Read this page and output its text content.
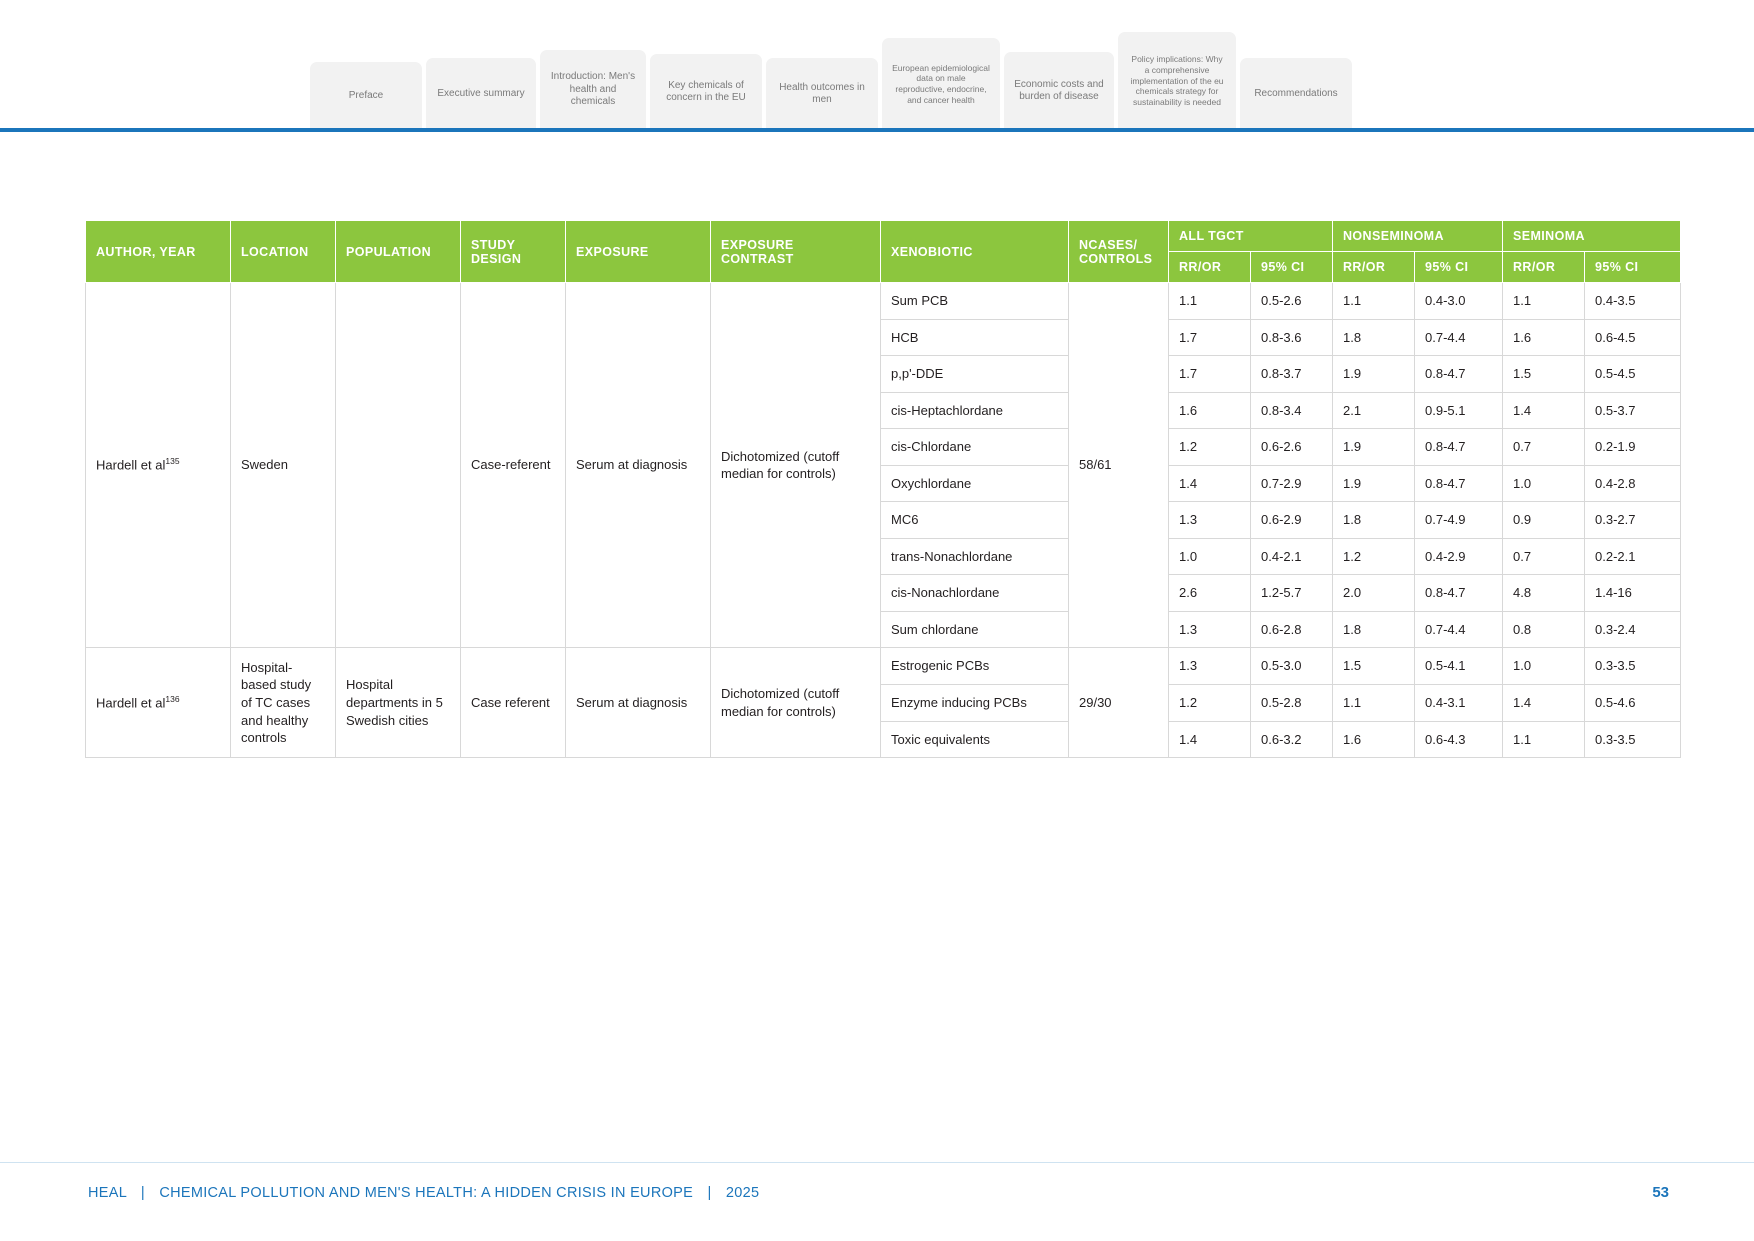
Preface	Executive summary
Introduction: Men's health and chemicals
Key chemicals of concern in the EU
Health outcomes in men
European epidemiological data on male reproductive, endocrine, and cancer health
Economic costs and burden of disease
Policy implications: Why a comprehensive implementation of the eu chemicals strategy for sustainability is needed
Recommendations
AUTHOR, YEAR	LOCATION	POPULATION	STUDY DESIGN	EXPOSURE	EXPOSURE CONTRAST	XENOBIOTIC	NCASES/ CONTROLS	ALL TGCT		NONSEMINOMA		SEMINOMA	
								RR/OR	95% CI	RR/OR	95% CI	RR/OR	95% CI
Hardell et $al^{135}$	Sweden		Case-referent	Serum at diagnosis	Dichotomized (cutoff median for controls)	Sum PCB	58/61	1.1	0.5-2.6	1.1	0.4-3.0	1.1	0.4-3.5
						HCB		1.7	0.8-3.6	1.8	0.7-4.4	1.6	0.6-4.5
						p,p'-DDE		1.7	0.8-3.7	1.9	0.8-4.7	1.5	0.5-4.5
						cis-Heptachlordane		1.6	0.8-3.4	2.1	0.9-5.1	1.4	0.5-3.7
						cis-Chlordane		1.2	0.6-2.6	1.9	0.8-4.7	0.7	0.2-1.9
						Oxychlordane		1.4	0.7-2.9	1.9	0.8-4.7	1.0	0.4-2.8
						MC6		1.3	0.6-2.9	1.8	0.7-4.9	0.9	0.3-2.7
						trans-Nonachlordane		1.0	0.4-2.1	1.2	0.4-2.9	0.7	0.2-2.1
						cis-Nonachlordane		2.6	1.2-5.7	2.0	0.8-4.7	4.8	1.4-16
						Sum chlordane		1.3	0.6-2.8	1.8	0.7-4.4	0.8	0.3-2.4
Hardell et $al^{136}$	Hospital-based study of TC cases and healthy controls	Hospital departments in 5 Swedish cities	Case referent	Serum at diagnosis	Dichotomized (cutoff median for controls)	Estrogenic PCBs	29/30	1.3	0.5-3.0	1.5	0.5-4.1	1.0	0.3-3.5
						Enzyme inducing PCBs		1.2	0.5-2.8	1.1	0.4-3.1	1.4	0.5-4.6
						Toxic equivalents		1.4	0.6-3.2	1.6	0.6-4.3	1.1	0.3-3.5
HEAL | CHEMICAL POLLUTION AND MEN'S HEALTH: A HIDDEN CRISIS IN EUROPE | 2025	53
